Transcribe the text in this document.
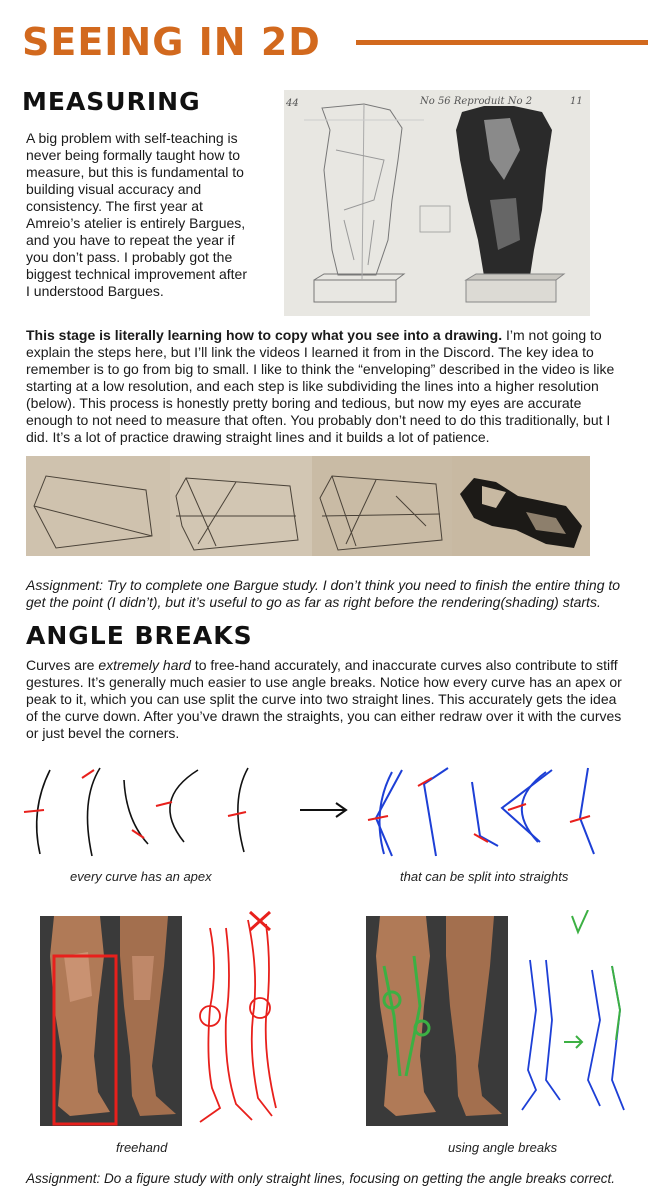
SEEING IN 2D
MEASURING
A big problem with self-teaching is never being formally taught how to measure, but this is fundamental to building visual accuracy and consistency. The first year at Amreio’s atelier is entirely Bargues, and you have to repeat the year if you don’t pass. I probably got the biggest technical improvement after I understood Bargues.
44	No 56 Reproduit No 2	11
This stage is literally learning how to copy what you see into a drawing. I’m not going to explain the steps here, but I’ll link the videos I learned it from in the Discord. The key idea to remember is to go from big to small. I like to think the “enveloping” described in the video is like starting at a low resolution, and each step is like subdividing the lines into a higher resolution (below). This process is honestly pretty boring and tedious, but now my eyes are accurate enough to not need to measure that often. You probably don’t need to do this traditionally, but I did. It’s a lot of practice drawing straight lines and it builds a lot of patience.
Assignment: Try to complete one Bargue study. I don’t think you need to finish the entire thing to get the point (I didn’t), but it’s useful to go as far as right before the rendering(shading) starts.
ANGLE BREAKS
Curves are extremely hard to free-hand accurately, and inaccurate curves also contribute to stiff gestures. It’s generally much easier to use angle breaks. Notice how every curve has an apex or peak to it, which you can use split the curve into two straight lines. This accurately gets the idea of the curve down. After you’ve drawn the straights, you can either redraw over it with the curves or just bevel the corners.
every curve has an apex	that can be split into straights
freehand	using angle breaks
Assignment: Do a figure study with only straight lines, focusing on getting the angle breaks correct.
